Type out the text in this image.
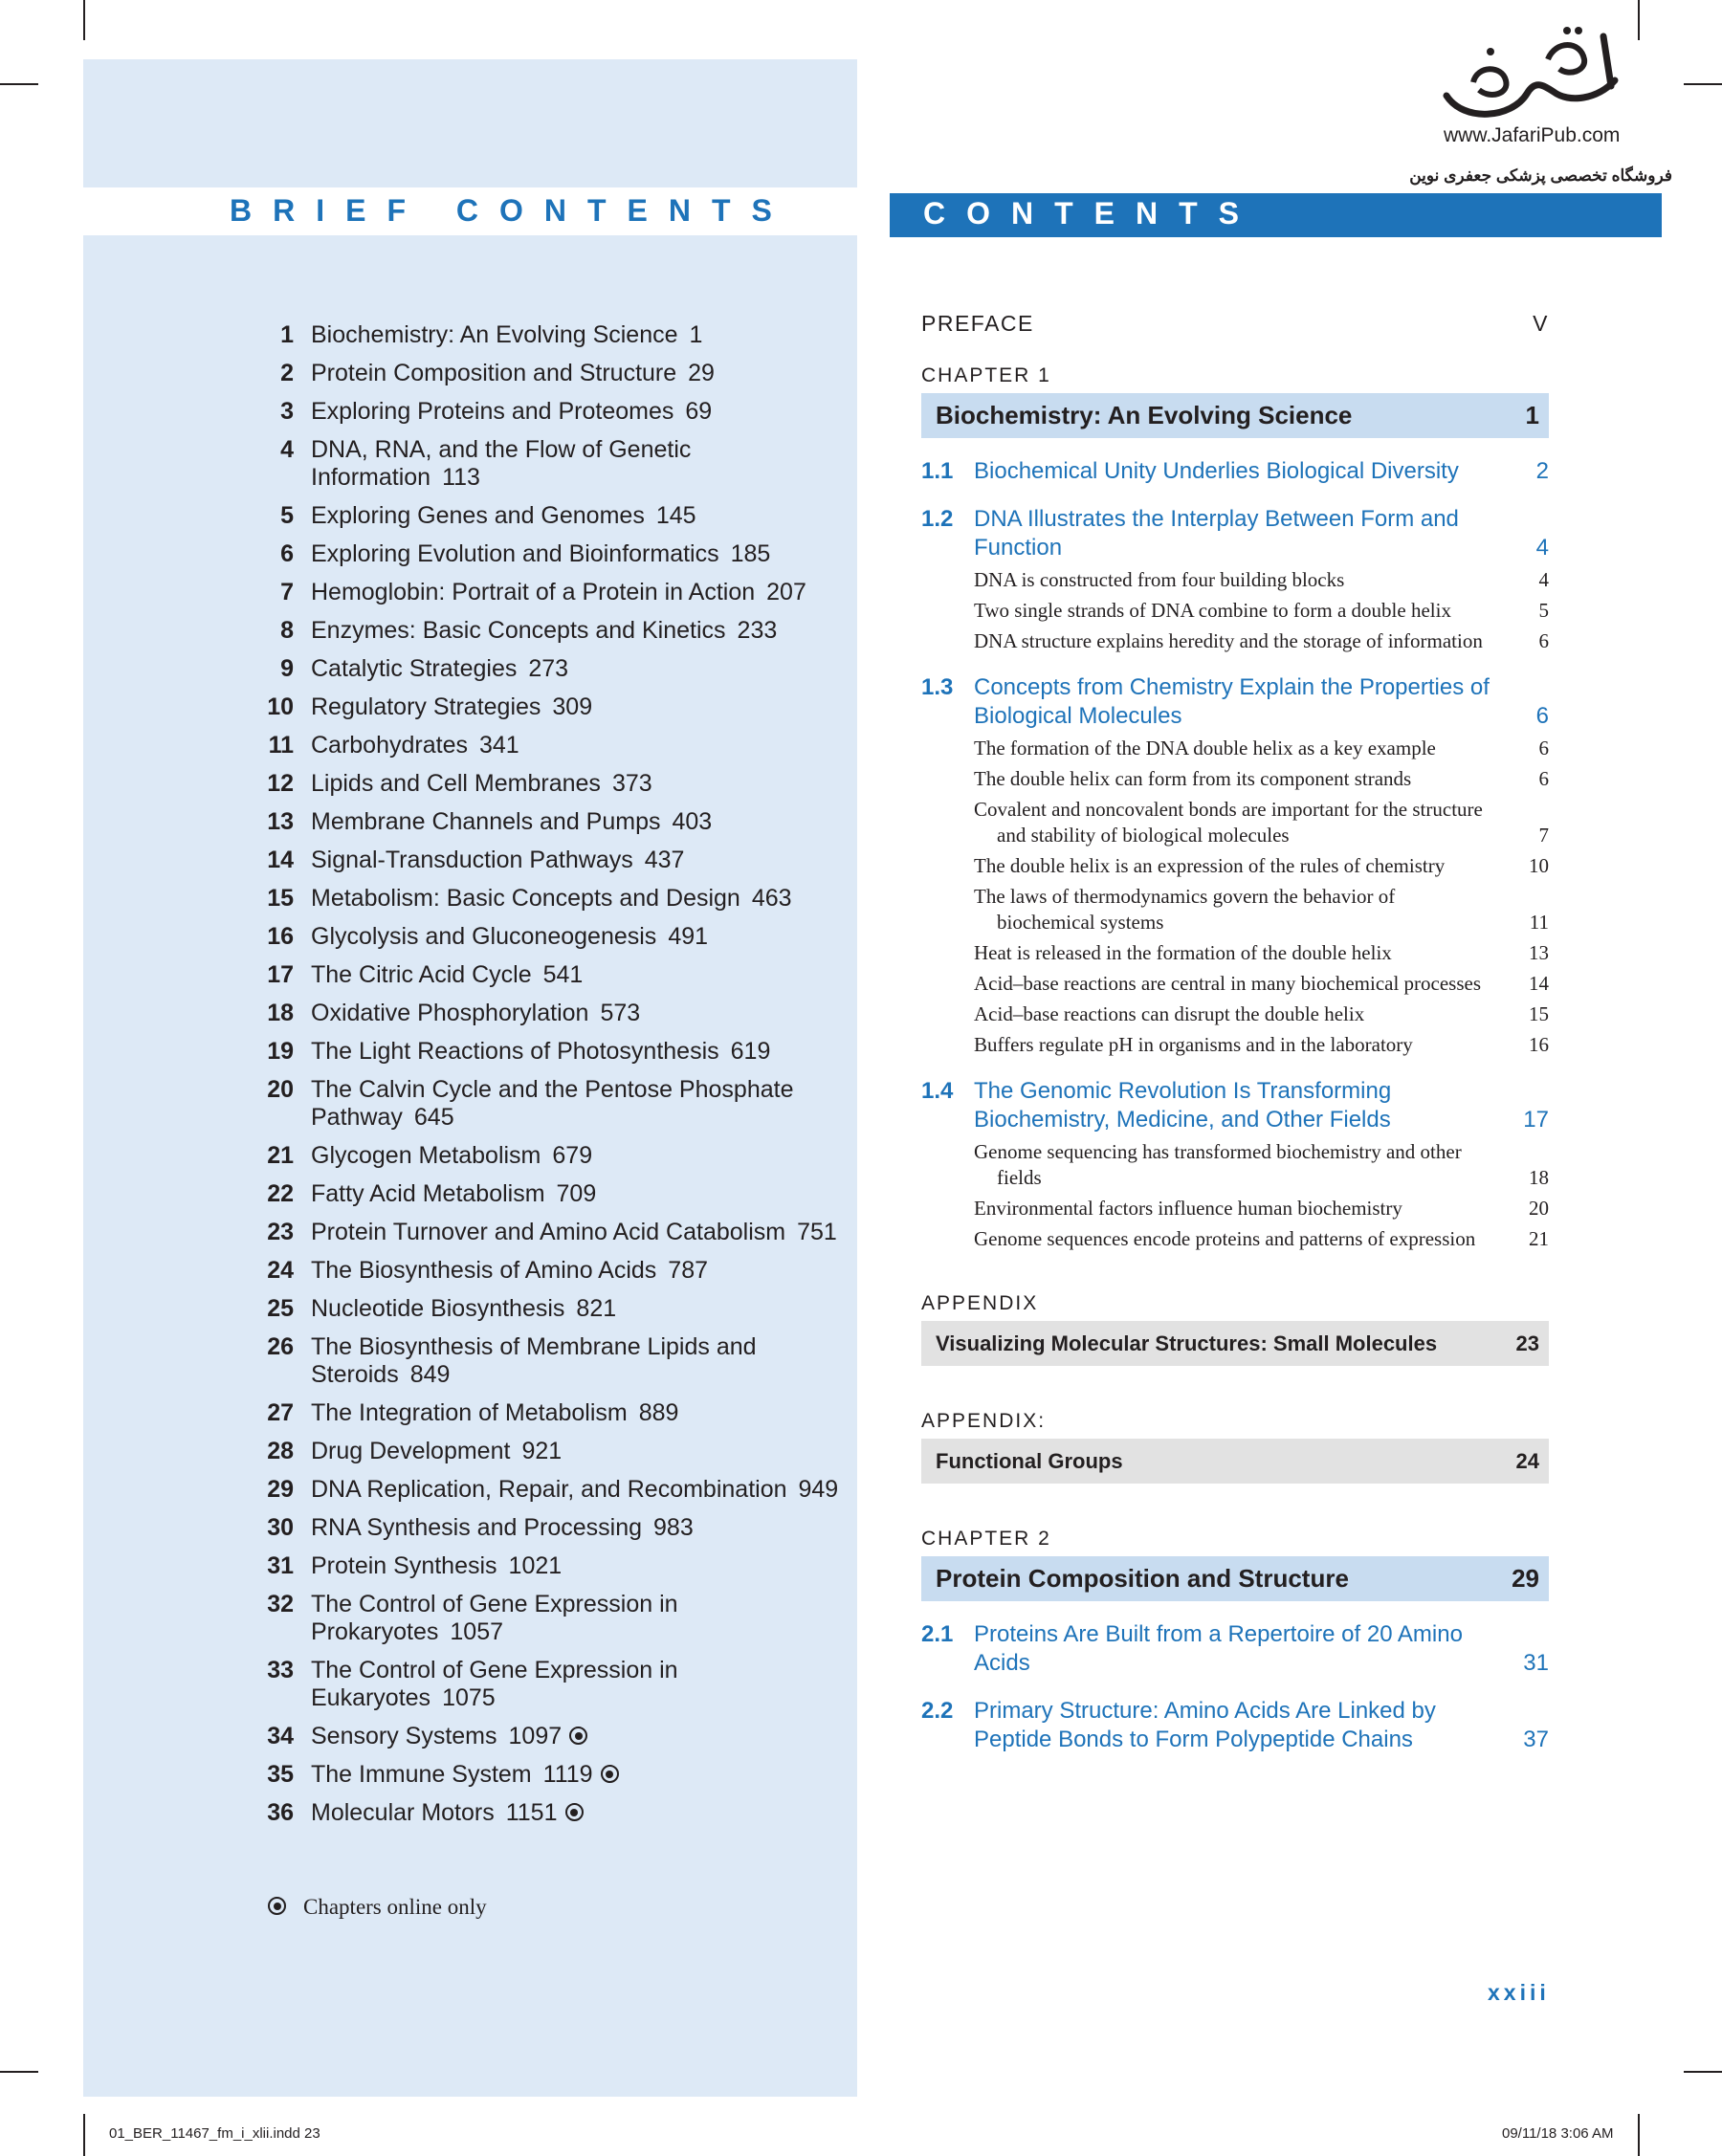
BRIEF CONTENTS
1 Biochemistry: An Evolving Science 1
2 Protein Composition and Structure 29
3 Exploring Proteins and Proteomes 69
4 DNA, RNA, and the Flow of Genetic Information 113
5 Exploring Genes and Genomes 145
6 Exploring Evolution and Bioinformatics 185
7 Hemoglobin: Portrait of a Protein in Action 207
8 Enzymes: Basic Concepts and Kinetics 233
9 Catalytic Strategies 273
10 Regulatory Strategies 309
11 Carbohydrates 341
12 Lipids and Cell Membranes 373
13 Membrane Channels and Pumps 403
14 Signal-Transduction Pathways 437
15 Metabolism: Basic Concepts and Design 463
16 Glycolysis and Gluconeogenesis 491
17 The Citric Acid Cycle 541
18 Oxidative Phosphorylation 573
19 The Light Reactions of Photosynthesis 619
20 The Calvin Cycle and the Pentose Phosphate Pathway 645
21 Glycogen Metabolism 679
22 Fatty Acid Metabolism 709
23 Protein Turnover and Amino Acid Catabolism 751
24 The Biosynthesis of Amino Acids 787
25 Nucleotide Biosynthesis 821
26 The Biosynthesis of Membrane Lipids and Steroids 849
27 The Integration of Metabolism 889
28 Drug Development 921
29 DNA Replication, Repair, and Recombination 949
30 RNA Synthesis and Processing 983
31 Protein Synthesis 1021
32 The Control of Gene Expression in Prokaryotes 1057
33 The Control of Gene Expression in Eukaryotes 1075
34 Sensory Systems 1097
35 The Immune System 1119
36 Molecular Motors 1151
Chapters online only
www.JafariPub.com
فروشگاه تخصصی پزشکی جعفری نوین
CONTENTS
PREFACE	V
CHAPTER 1
Biochemistry: An Evolving Science	1
1.1 Biochemical Unity Underlies Biological Diversity	2
1.2 DNA Illustrates the Interplay Between Form and Function	4
DNA is constructed from four building blocks	4
Two single strands of DNA combine to form a double helix	5
DNA structure explains heredity and the storage of information	6
1.3 Concepts from Chemistry Explain the Properties of Biological Molecules	6
The formation of the DNA double helix as a key example	6
The double helix can form from its component strands	6
Covalent and noncovalent bonds are important for the structure and stability of biological molecules	7
The double helix is an expression of the rules of chemistry	10
The laws of thermodynamics govern the behavior of biochemical systems	11
Heat is released in the formation of the double helix	13
Acid–base reactions are central in many biochemical processes	14
Acid–base reactions can disrupt the double helix	15
Buffers regulate pH in organisms and in the laboratory	16
1.4 The Genomic Revolution Is Transforming Biochemistry, Medicine, and Other Fields	17
Genome sequencing has transformed biochemistry and other fields	18
Environmental factors influence human biochemistry	20
Genome sequences encode proteins and patterns of expression	21
APPENDIX
Visualizing Molecular Structures: Small Molecules	23
APPENDIX:
Functional Groups	24
CHAPTER 2
Protein Composition and Structure	29
2.1 Proteins Are Built from a Repertoire of 20 Amino Acids	31
2.2 Primary Structure: Amino Acids Are Linked by Peptide Bonds to Form Polypeptide Chains	37
xxiii
01_BER_11467_fm_i_xlii.indd 23	09/11/18 3:06 AM
